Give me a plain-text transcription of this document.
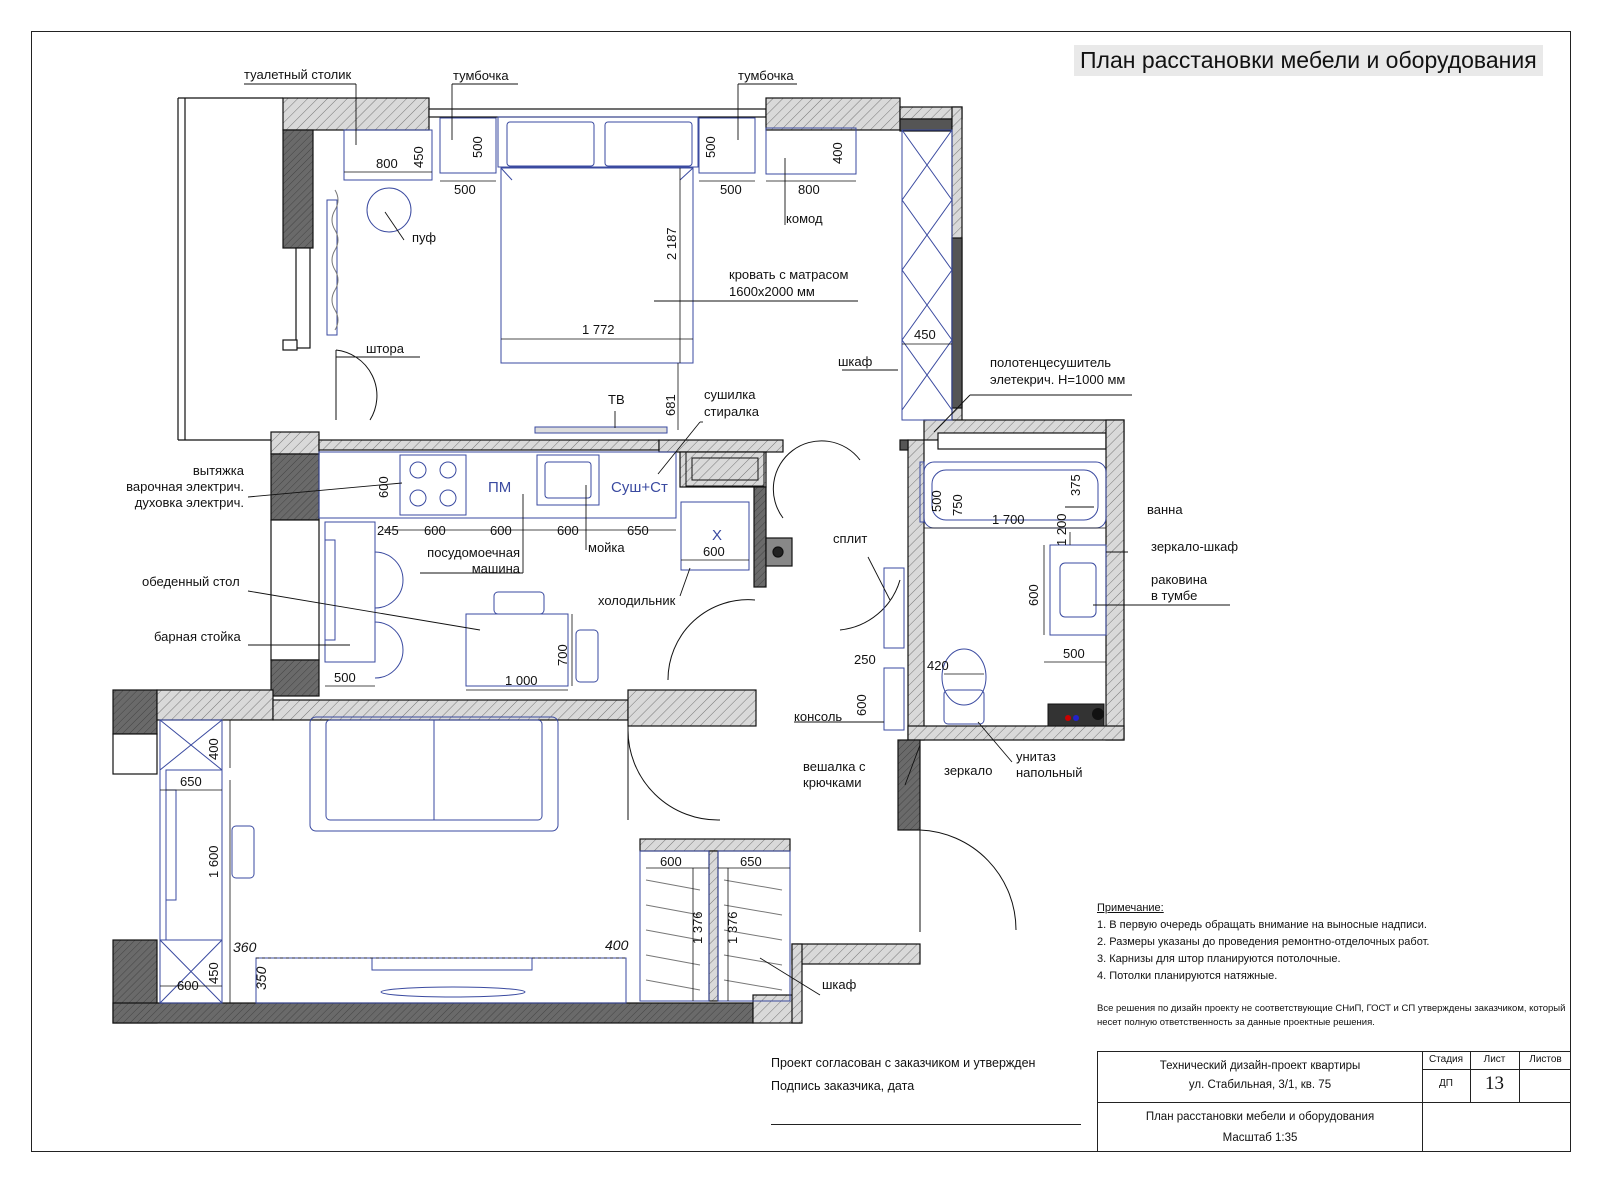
План расстановки мебели и оборудования
ПМ	Суш+Ст
Х
туалетный столик	тумбочка	тумбочка
пуф
комод
кровать с матрасом
1600х2000 мм
штора
шкаф	полотенцесушитель
элетекрич. H=1000 мм
ТВ	сушилка
стиралка
вытяжка
варочная электрич.
духовка электрич.
посудомоечная
машина
мойка
холодильник
обеденный стол
барная стойка
ванна
зеркало-шкаф
раковина
в тумбе
сплит
консоль
вешалка с
крючками
зеркало
унитаз
напольный
шкаф
800 450	500
500
500
500
400
800
2 187
1 772	450
681
600
245 600	600	600	650
600
500	1 000
700
500 750
375
1 700 1 200
600
500
250	420
600
400
650
1 600
450
600
360
350
400
600	650
1 376 1 376
Примечание:
1. В первую очередь обращать внимание на выносные надписи.
2. Размеры указаны до проведения ремонтно-отделочных работ.
3. Карнизы для штор планируются потолочные.
4. Потолки планируются натяжные.
Все решения по дизайн проекту не соответствующие СНиП, ГОСТ и СП утверждены заказчиком, который несет полную ответственность за данные проектные решения.
Проект согласован с заказчиком и утвержден
Подпись заказчика, дата
Технический дизайн-проект квартиры
ул. Стабильная, 3/1, кв. 75
План расстановки мебели и оборудования
Масштаб 1:35
Стадия	Лист	Листов
ДП	13
